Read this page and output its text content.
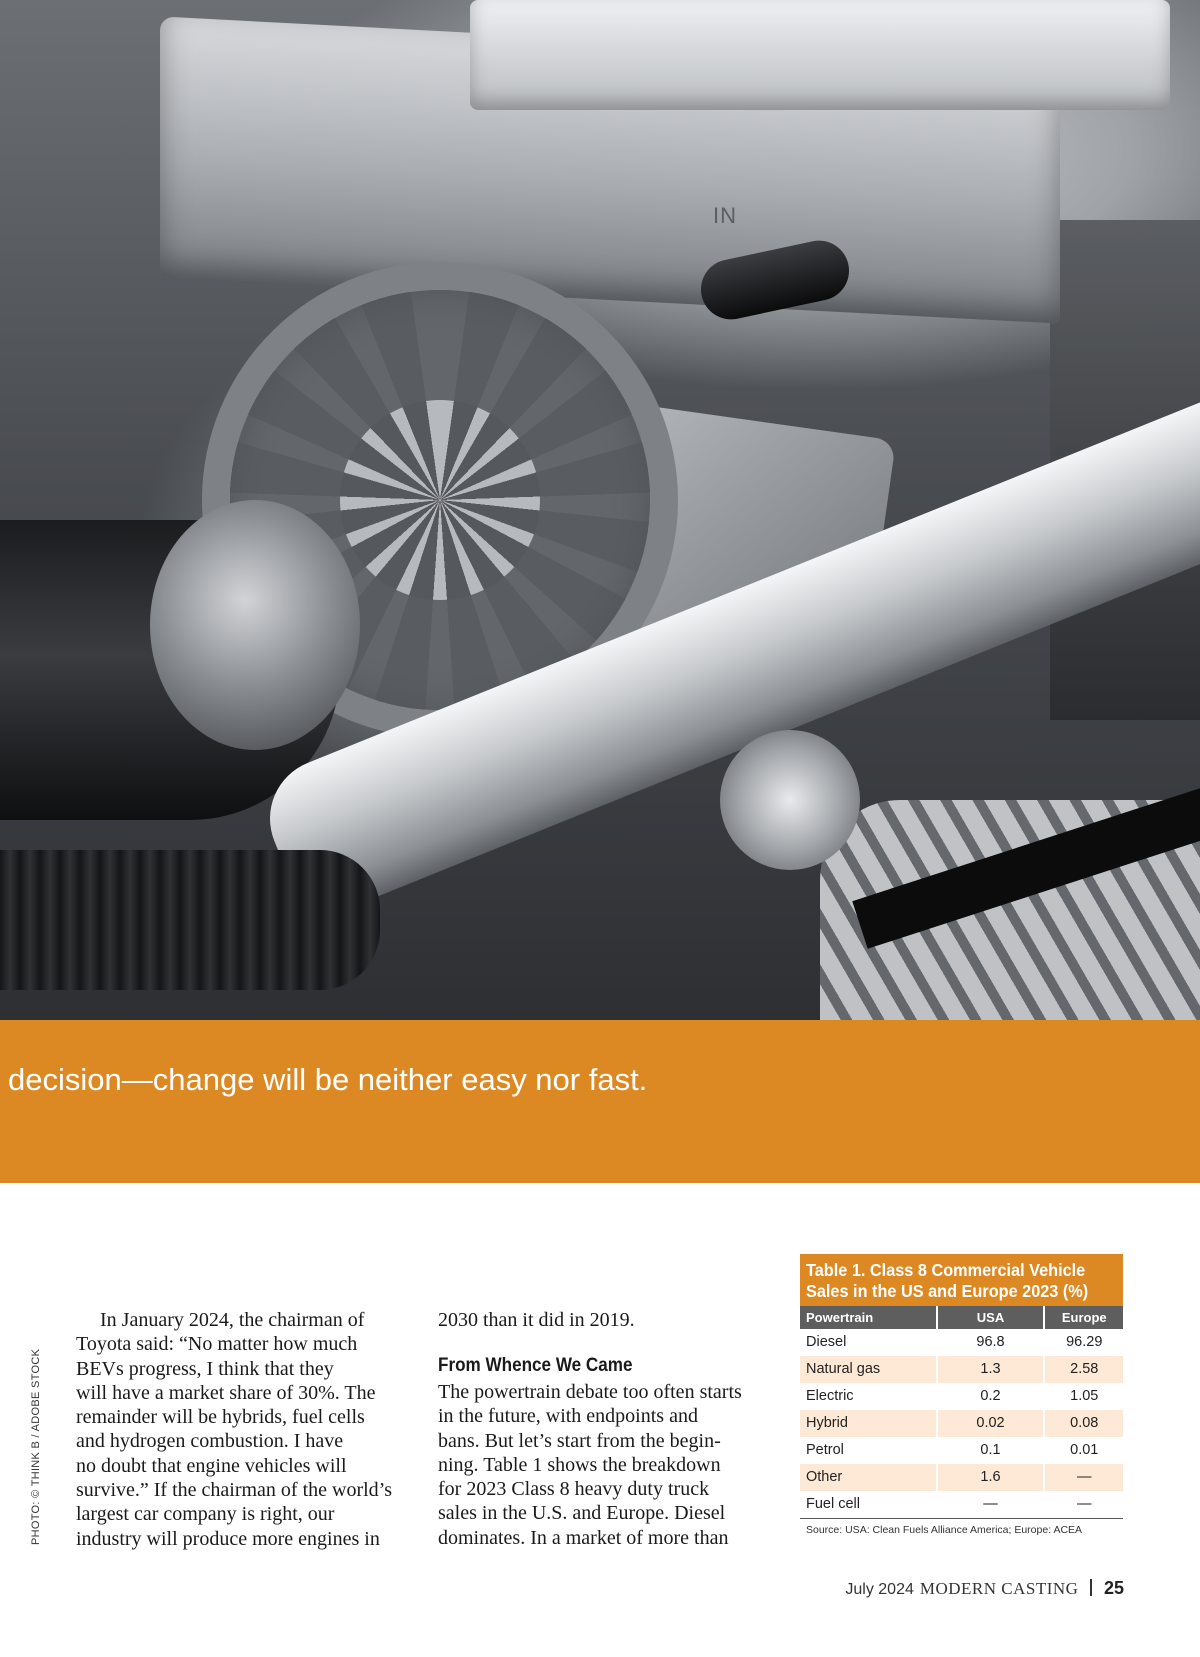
IN
decision—change will be neither easy nor fast.
PHOTO: © THINK B / ADOBE STOCK
In January 2024, the chairman of
Toyota said: “No matter how much
BEVs progress, I think that they
will have a market share of 30%. The
remainder will be hybrids, fuel cells
and hydrogen combustion. I have
no doubt that engine vehicles will
survive.” If the chairman of the world’s
largest car company is right, our
industry will produce more engines in
2030 than it did in 2019.
From Whence We Came
The powertrain debate too often starts
in the future, with endpoints and
bans. But let’s start from the begin-
ning. Table 1 shows the breakdown
for 2023 Class 8 heavy duty truck
sales in the U.S. and Europe. Diesel
dominates. In a market of more than
Table 1. Class 8 Commercial Vehicle
Sales in the US and Europe 2023 (%)
Powertrain	USA	Europe
Diesel	96.8	96.29
Natural gas	1.3	2.58
Electric	0.2	1.05
Hybrid	0.02	0.08
Petrol	0.1	0.01
Other	1.6	—
Fuel cell	—	—
Source: USA: Clean Fuels Alliance America; Europe: ACEA
July 2024 MODERN CASTING 25
